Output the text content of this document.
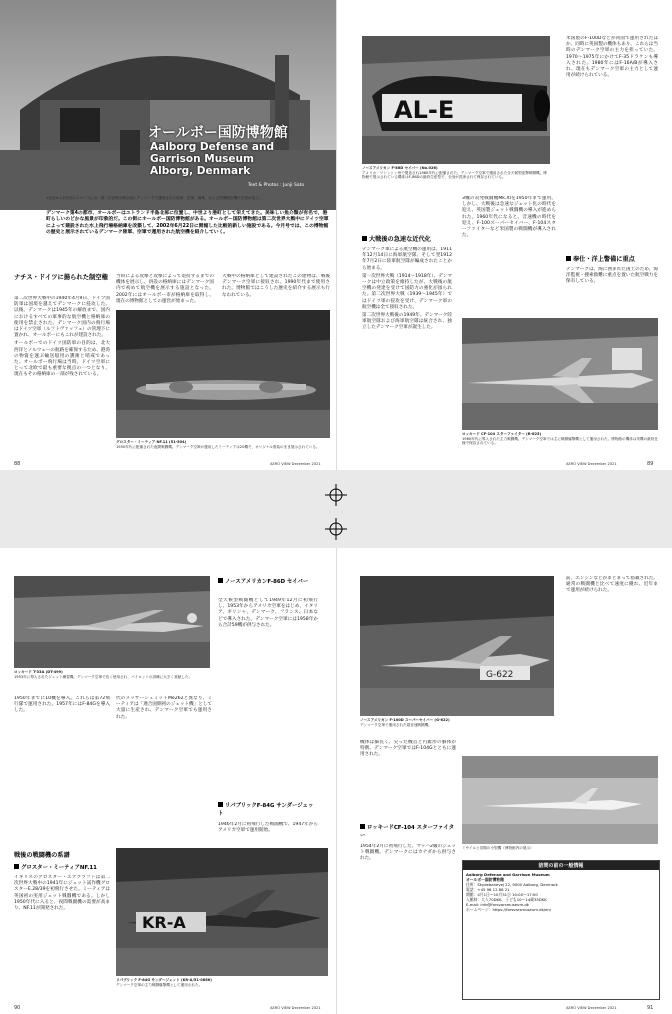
オールボー国防博物館
Aalborg Defense and
Garrison Museum
Alborg, Denmark
Text & Photos : Junji Sato
1台目から2台目のスペースには、第二次世界大戦以前にデンマークで運用された陸軍、空軍、海軍、および民間航空機の主役が並ぶ。
デンマーク第4の都市、オールボーはユトランド半島北部に位置し、中世より港町として栄えてきた。美味しい魚介類が有名で、港町らしいのどかな風景が印象的だ。この街にオールボー国防博物館がある。オールボー国防博物館は第二次世界大戦中にドイツ空軍によって建設された水上飛行場格納庫を改築して、2002年6月22日に開館した比較的新しい施設である。今月号では、この博物館の歴史と展示されているデンマーク陸軍、空軍で運用された航空機を紹介していく。
ナチス・ドイツに揚られた制空権

第二次世界大戦中の1940年4月9日、ドイツ国防軍は国境を越えてデンマークに侵攻した。以後、デンマークは1945年の解放まで、国内におけるすべての軍事的な航空機と格納庫の使用を禁止された。デンマーク国内の飛行場はドイツ空軍（ルフトヴァッフェ）の管理下に置かれ、オールボーにもこれが建設された。

オールボーでのドイツ国防軍の目的は、北大西洋とノルウェーの航路を確保するため、港湾の物資を運ぶ輸送船団の護衛と哨戒であった。オールボー飛行場は当時、ドイツ空軍にとって北欧で最も重要な拠点の一つとなり、現在もその格納庫の一部が残されている。

当時による攻撃と攻撃によって退役するまでの機体を展示し、併設の格納庫にはデンマーク国内で初めて航空機を展示する施設となった。2002年にはオールボー市が格納庫を取得し、現在の博物館としての運営が始まった。
大戦中の格納庫として建設されたこの建物は、戦後デンマーク空軍に接収され、1990年代まで使用された。博物館ではこうした歴史を紹介する展示も行なわれている。
グロスター・ミーティア NF.11 (51-504)
1950年代に配備された夜間戦闘機。デンマーク空軍が運用したミーティアは20機で、オリジナル塗装のまま展示されている。
88	AERO VIEW December 2021
AL-E
ノースアメリカン F-86D セイバー (No.026)
アメリカ・ワシントン州で製造され1960年代に配備された。デンマーク空軍で運用された全天候型迎撃戦闘機。博物館で展示されている機体はF-86Dの最終生産型で、全身が洗浄されて保存されている。
米国製のF-100Dなどが同国で運用されたほか、同時に英国製の機体もあり、これらは当時のデンマーク空軍の主力を担っていた。1970〜1975年にかけてF-35ドラケンも導入された。1980年にはF-16A/Bが導入され、現在もデンマーク空軍の主力として運用が続けられている。
大戦後の急速な近代化

デンマーク軍による航空機の運用は、1911年12月14日に海軍航空隊、そして翌1912年7月2日に陸軍航空隊が編成されたことから始まる。

第一次世界大戦（1914〜1918年）、デンマークは中立政策を維持したが、大戦後の航空機の発達を受けて国防力の強化が図られた。第二次世界大戦（1939〜1945年）ではドイツ軍の侵攻を受け、デンマーク軍の航空機は全て接収された。

第二次世界大戦後の1949年、デンマーク陸軍航空隊および海軍航空隊は統合され、独立したデンマーク空軍が誕生した。

3機の双発戦闘機Mk.XIを1950年まで運用。しかし、大戦後は急速なジェット化の時代を迎え、英国製ジェット戦闘機の導入が進められた。1960年代になると、音速機の時代を迎え、F-100スーパーセイバー、F-104スターファイターなど米国製の戦闘機が導入された。
奉仕・洋上警備に重点
デンマークは、海に囲まれた国土のため、海洋監視・捜索救難に重点を置いた航空戦力を保有している。
ロッキード CF-104 スターファイター (R-825)
1960年代に導入された主力戦闘機。デンマーク空軍では主に戦闘爆撃機として運用された。博物館の機体は実機の最終仕様で保存されている。
AERO VIEW December 2021	89
ロッキード T-33A (DT-499)
1953年に導入されたジェット練習機。デンマーク空軍で長く使用され、パイロットの訓練に大きく貢献した。
1950年までに10機を導入。これらは第72飛行隊で運用された。1957年にはF-84Gを導入した。
戦後の戦闘機の系譜
グロスター・ミーティアNF.11
イギリスのグロスター・エアクラフトは第二次世界大戦中の1941年にジェット試作機グロスターE.28/39を初飛行させた。ミーティアは英国初の実用ジェット戦闘機である。しかし1950年代に入ると、夜間戦闘機の需要が高まり、NF.11が開発された。
代のメッサーシュミットMe262と異なり、ミーティアは「連合国側初のジェット機」として大量に生産され、デンマーク空軍でも運用された。
ノースアメリカンF-86D セイバー
全天候型戦闘機として1949年12月に初飛行し、1953年からアメリカ空軍をはじめ、イタリア、ギリシャ、デンマーク、フランス、日本などで導入された。デンマーク空軍には1958年から合計59機が供与された。
リパブリックF-84G サンダージェット
1946年2月に初飛行した戦闘機で、1947年からアメリカ空軍で運用開始。
KR-A
リパブリック F-84G サンダージェット (KR-A/51-0866)
デンマーク空軍の主力戦闘爆撃機として運用された。
90	AERO VIEW December 2021
G-622
ノースアメリカン F-100D スーパーセイバー (G-622)
デンマーク空軍で運用された超音速戦闘機。
機体は細長く、尖った機首と円錐形の胴体が特徴。デンマーク空軍ではF-104Gとともに運用された。
ロッキードCF-104 スターファイター
1954年2月に初飛行した、マッハ2級のジェット戦闘機。デンマークにはカナダから供与された。
前、エンジンなどがまとまって搭載された。通常の戦闘機と比べて速度に優れ、近年まで運用が続けられた。
ミサイルと初期の小型機（博物館内の展示）
訪問の前の一般情報
Aalborg Defense and Garrison Museum
オールボー国防博物館
住所：Skydebanevej 22, 9000 Aalborg, Denmark
電話：+45 98 12 88 21
開館：4月1日〜10月31日 10:00〜17:00
入館料：大人70DKK、子ども10〜14歳35DKK
E-mail: info@forsvarsmuseum.dk
ホームページ：https://forsvarsmuseum.dk/en/
AERO VIEW December 2021	91
